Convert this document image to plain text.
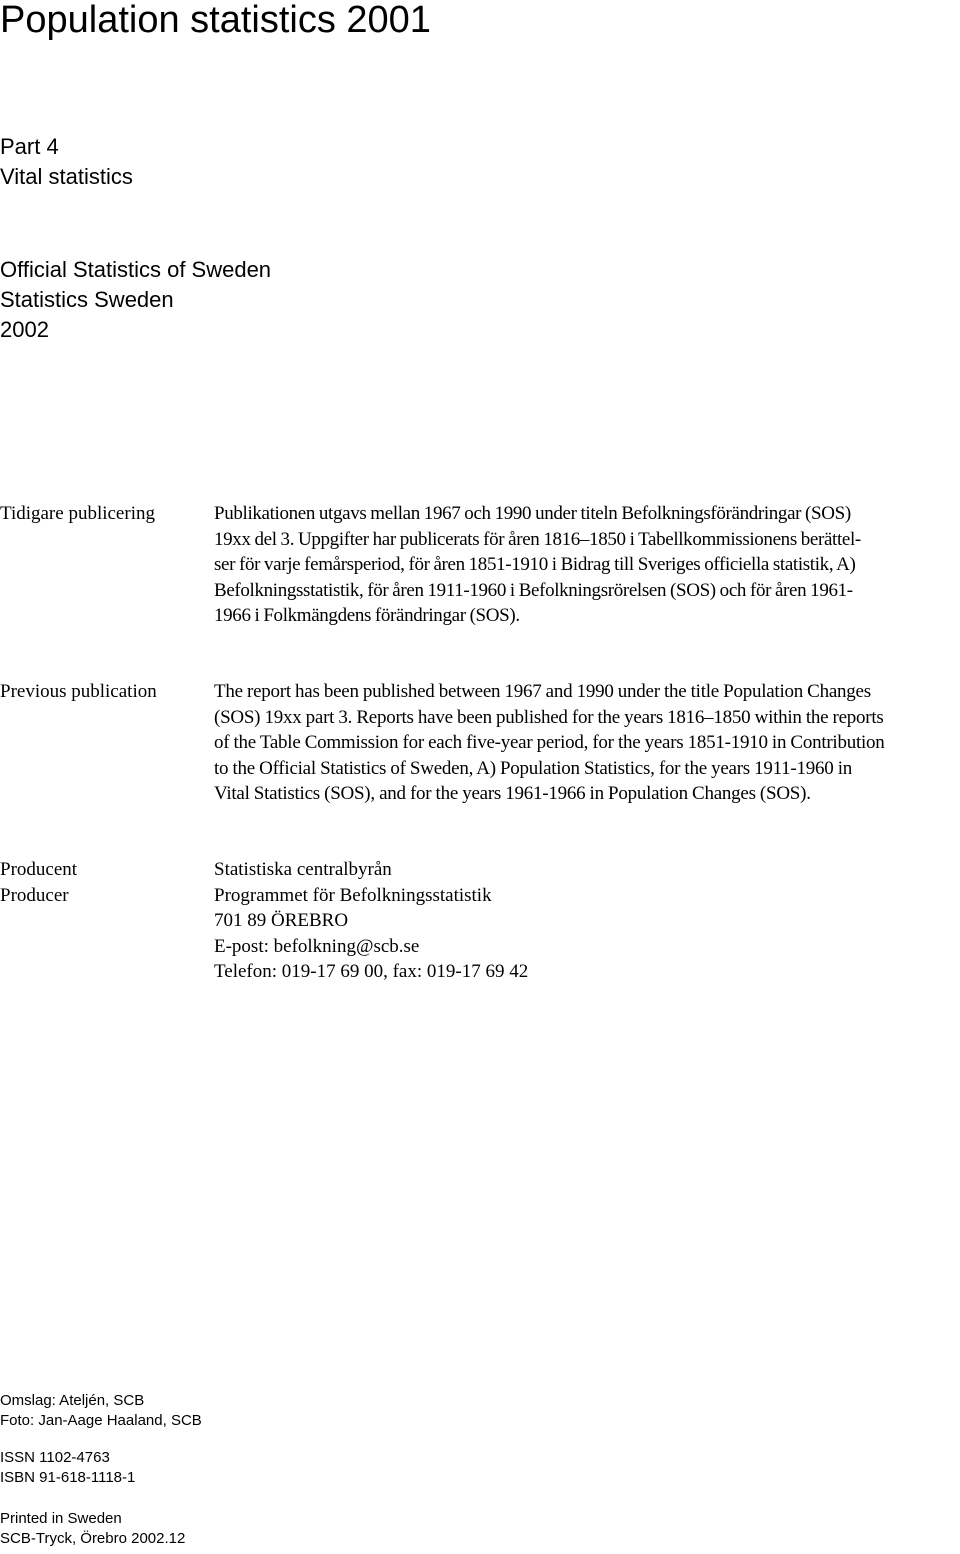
Population statistics 2001
Part 4
Vital statistics
Official Statistics of Sweden
Statistics Sweden
2002
Tidigare publicering	Publikationen utgavs mellan 1967 och 1990 under titeln Befolkningsförändringar (SOS)
19xx del 3. Uppgifter har publicerats för åren 1816–1850 i Tabellkommissionens berättel-
ser för varje femårsperiod, för åren 1851-1910 i Bidrag till Sveriges officiella statistik, A)
Befolkningsstatistik, för åren 1911-1960 i Befolkningsrörelsen (SOS) och för åren 1961-
1966 i Folkmängdens förändringar (SOS).
Previous publication	The report has been published between 1967 and 1990 under the title Population Changes
(SOS) 19xx part 3. Reports have been published for the years 1816–1850 within the reports
of the Table Commission for each five-year period, for the years 1851-1910 in Contribution
to the Official Statistics of Sweden, A) Population Statistics, for the years 1911-1960 in
Vital Statistics (SOS), and for the years 1961-1966 in Population Changes (SOS).
Producent
Producer
Statistiska centralbyrån
Programmet för Befolkningsstatistik
701 89 ÖREBRO
E-post: befolkning@scb.se
Telefon: 019-17 69 00, fax: 019-17 69 42
Omslag: Ateljén, SCB
Foto: Jan-Aage Haaland, SCB
ISSN 1102-4763
ISBN 91-618-1118-1
Printed in Sweden
SCB-Tryck, Örebro 2002.12
